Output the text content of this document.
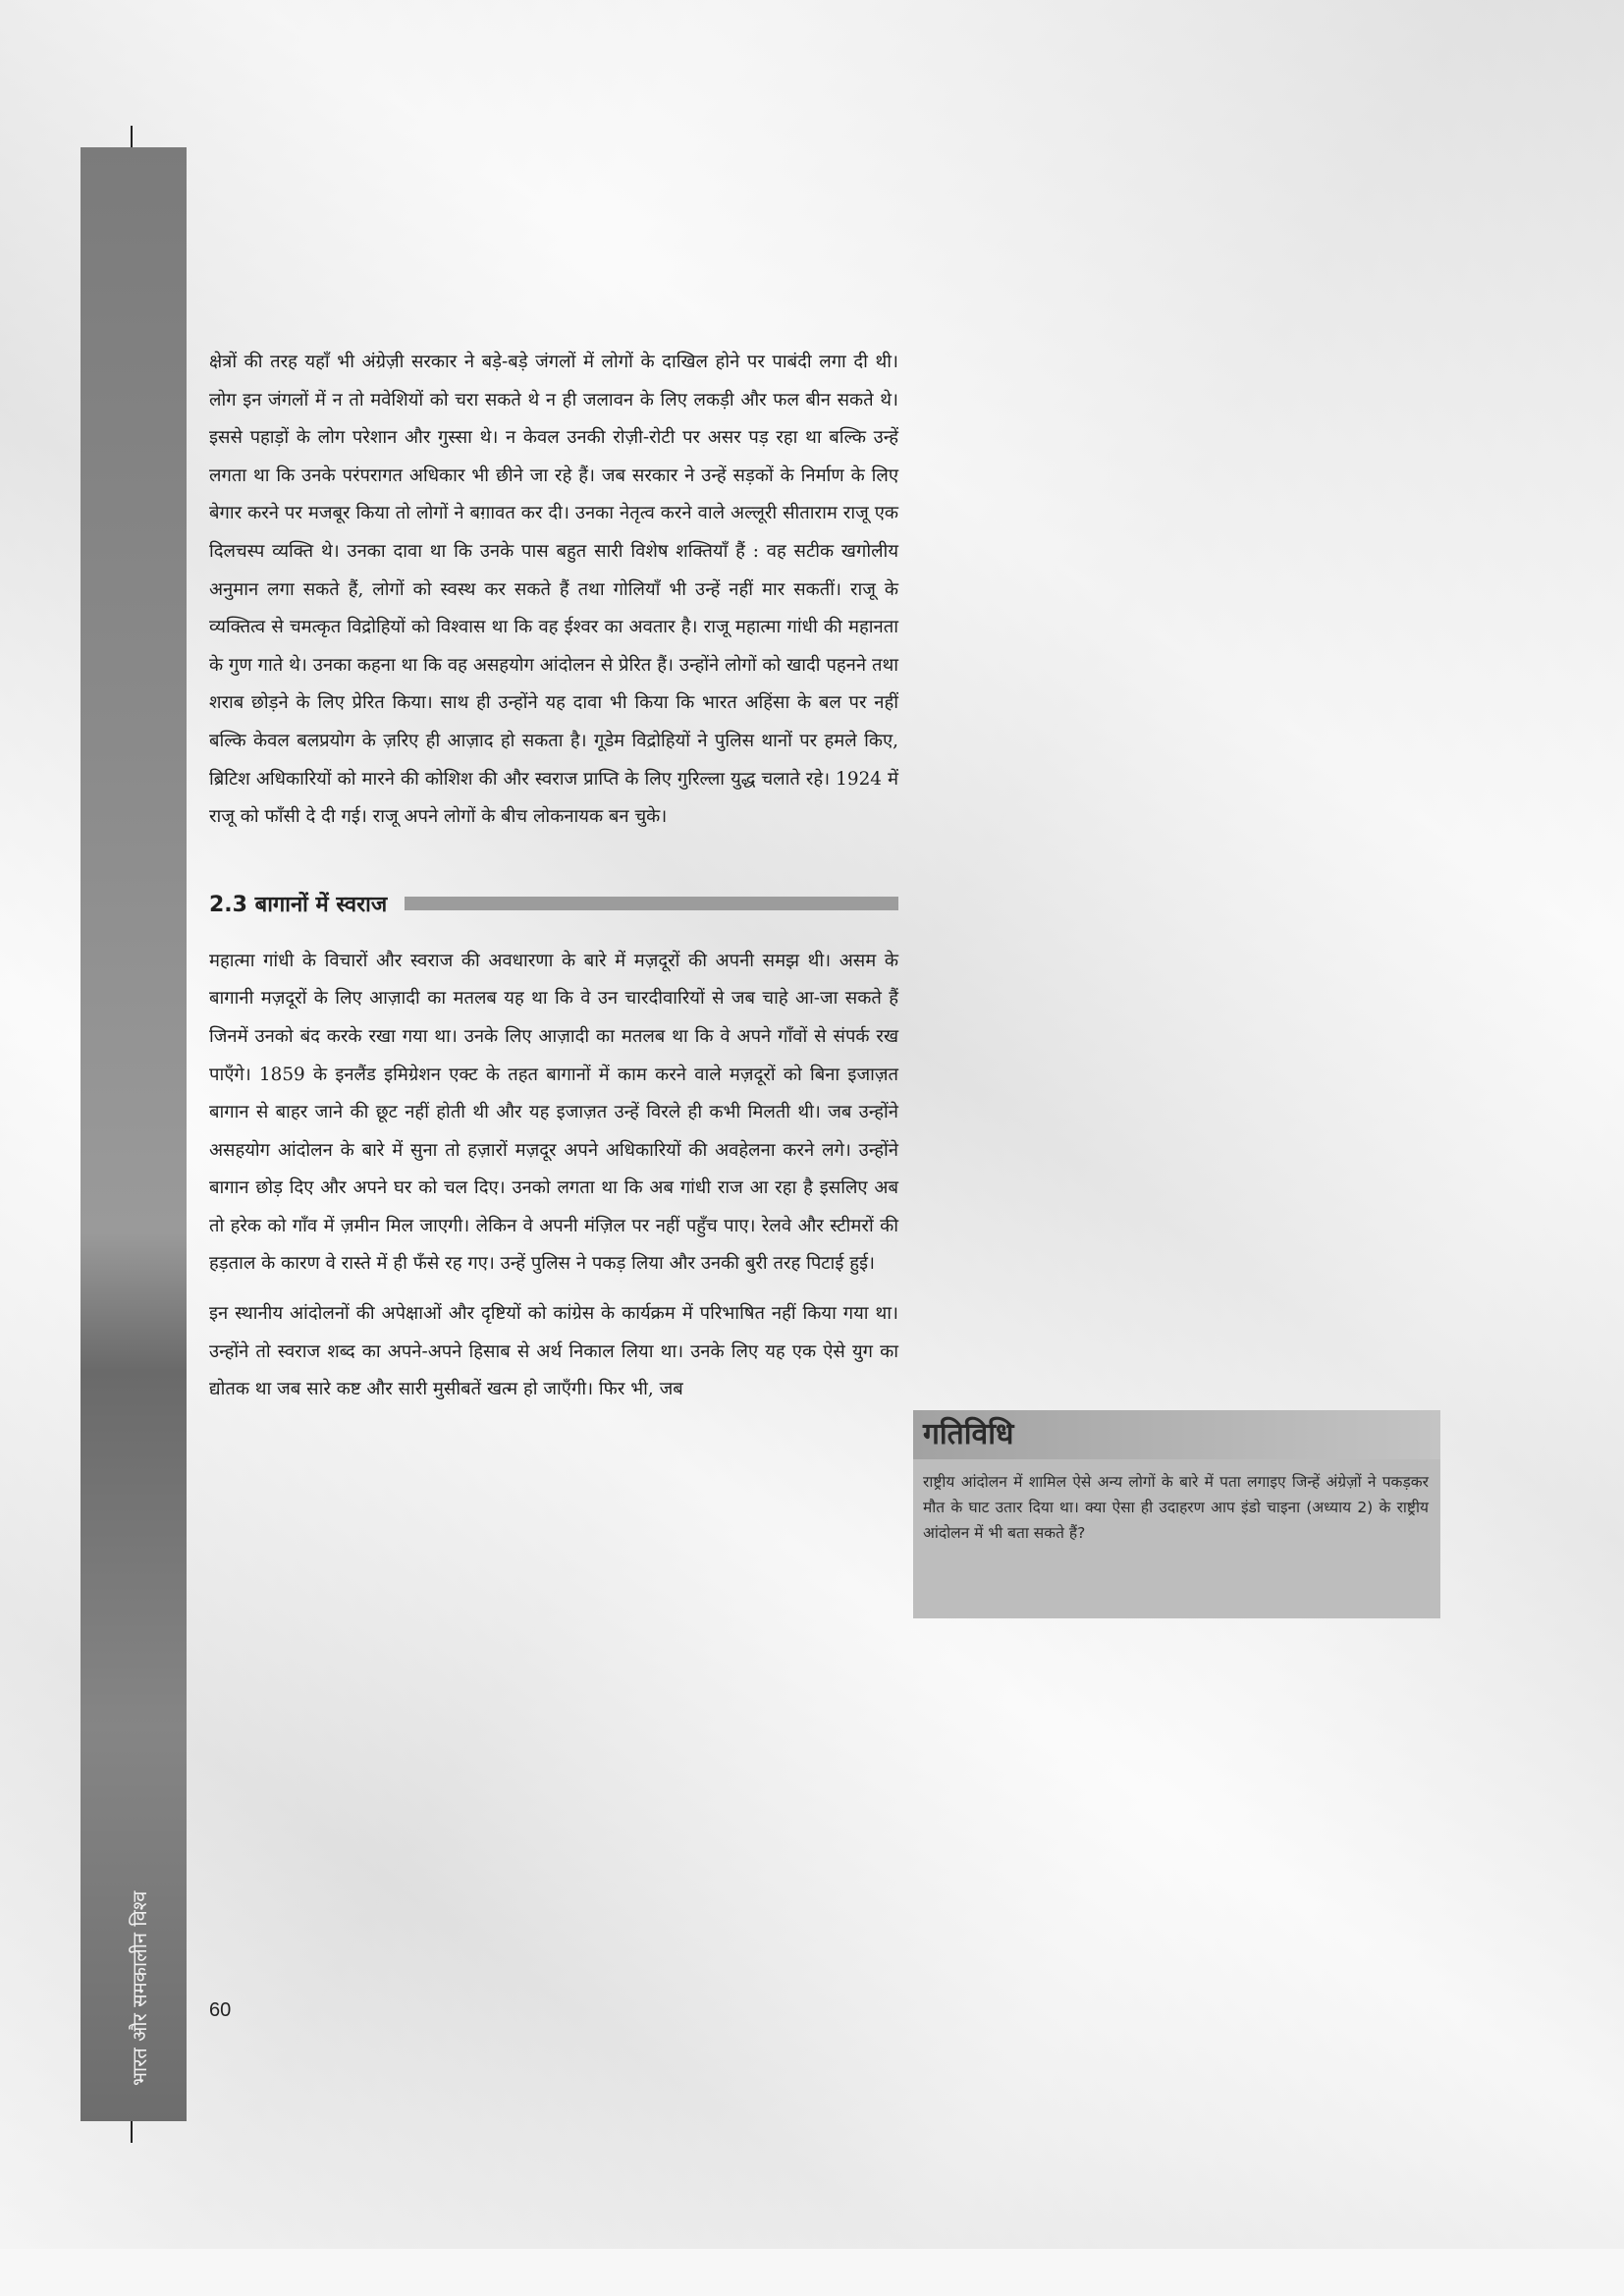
भारत और समकालीन विश्व	60

क्षेत्रों की तरह यहाँ भी अंग्रेज़ी सरकार ने बड़े-बड़े जंगलों में लोगों के दाखिल होने पर पाबंदी लगा दी थी। लोग इन जंगलों में न तो मवेशियों को चरा सकते थे न ही जलावन के लिए लकड़ी और फल बीन सकते थे। इससे पहाड़ों के लोग परेशान और गुस्सा थे। न केवल उनकी रोज़ी-रोटी पर असर पड़ रहा था बल्कि उन्हें लगता था कि उनके परंपरागत अधिकार भी छीने जा रहे हैं। जब सरकार ने उन्हें सड़कों के निर्माण के लिए बेगार करने पर मजबूर किया तो लोगों ने बग़ावत कर दी। उनका नेतृत्व करने वाले अल्लूरी सीताराम राजू एक दिलचस्प व्यक्ति थे। उनका दावा था कि उनके पास बहुत सारी विशेष शक्तियाँ हैं : वह सटीक खगोलीय अनुमान लगा सकते हैं, लोगों को स्वस्थ कर सकते हैं तथा गोलियाँ भी उन्हें नहीं मार सकतीं। राजू के व्यक्तित्व से चमत्कृत विद्रोहियों को विश्वास था कि वह ईश्वर का अवतार है। राजू महात्मा गांधी की महानता के गुण गाते थे। उनका कहना था कि वह असहयोग आंदोलन से प्रेरित हैं। उन्होंने लोगों को खादी पहनने तथा शराब छोड़ने के लिए प्रेरित किया। साथ ही उन्होंने यह दावा भी किया कि भारत अहिंसा के बल पर नहीं बल्कि केवल बलप्रयोग के ज़रिए ही आज़ाद हो सकता है। गूडेम विद्रोहियों ने पुलिस थानों पर हमले किए, ब्रिटिश अधिकारियों को मारने की कोशिश की और स्वराज प्राप्ति के लिए गुरिल्ला युद्ध चलाते रहे। 1924 में राजू को फाँसी दे दी गई। राजू अपने लोगों के बीच लोकनायक बन चुके।

2.3 बागानों में स्वराज

महात्मा गांधी के विचारों और स्वराज की अवधारणा के बारे में मज़दूरों की अपनी समझ थी। असम के बागानी मज़दूरों के लिए आज़ादी का मतलब यह था कि वे उन चारदीवारियों से जब चाहे आ-जा सकते हैं जिनमें उनको बंद करके रखा गया था। उनके लिए आज़ादी का मतलब था कि वे अपने गाँवों से संपर्क रख पाएँगे। 1859 के इनलैंड इमिग्रेशन एक्ट के तहत बागानों में काम करने वाले मज़दूरों को बिना इजाज़त बागान से बाहर जाने की छूट नहीं होती थी और यह इजाज़त उन्हें विरले ही कभी मिलती थी। जब उन्होंने असहयोग आंदोलन के बारे में सुना तो हज़ारों मज़दूर अपने अधिकारियों की अवहेलना करने लगे। उन्होंने बागान छोड़ दिए और अपने घर को चल दिए। उनको लगता था कि अब गांधी राज आ रहा है इसलिए अब तो हरेक को गाँव में ज़मीन मिल जाएगी। लेकिन वे अपनी मंज़िल पर नहीं पहुँच पाए। रेलवे और स्टीमरों की हड़ताल के कारण वे रास्ते में ही फँसे रह गए। उन्हें पुलिस ने पकड़ लिया और उनकी बुरी तरह पिटाई हुई।

इन स्थानीय आंदोलनों की अपेक्षाओं और दृष्टियों को कांग्रेस के कार्यक्रम में परिभाषित नहीं किया गया था। उन्होंने तो स्वराज शब्द का अपने-अपने हिसाब से अर्थ निकाल लिया था। उनके लिए यह एक ऐसे युग का द्योतक था जब सारे कष्ट और सारी मुसीबतें खत्म हो जाएँगी। फिर भी, जब

गतिविधि
राष्ट्रीय आंदोलन में शामिल ऐसे अन्य लोगों के बारे में पता लगाइए जिन्हें अंग्रेज़ों ने पकड़कर मौत के घाट उतार दिया था। क्या ऐसा ही उदाहरण आप इंडो चाइना (अध्याय 2) के राष्ट्रीय आंदोलन में भी बता सकते हैं?
